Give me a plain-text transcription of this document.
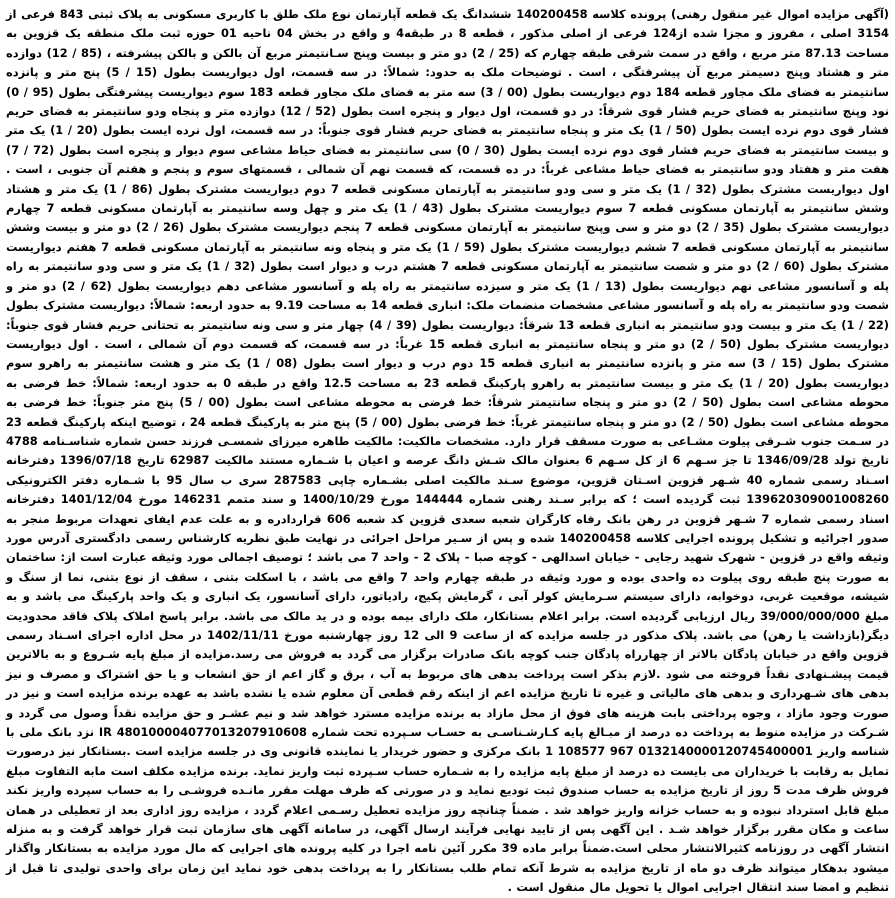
(آگهی مزایده اموال غیر منقول رهنی) پرونده کلاسه 140200458 ششدانگ یک قطعه آپارتمان نوع ملک طلق با کاربری مسکونی به پلاک ثبتی 843 فرعی از 3154 اصلی ، مفروز و مجزا شده از124 فرعی از اصلی مذکور ، قطعه 8 در طبقه4 و واقع در بخش 04 ناحیه 01 حوزه ثبت ملک منطقه یک قزوین به مساحت 87.13 متر مربع ، واقع در سمت شرقی طبقه چهارم که (25 / 2) دو متر و بیست وپنج سـانتیمتر مربع آن بالکن و بالکن پیشرفته ، (85 / 12) دوازده متر و هشتاد وپنج دسیمتر مربع آن پیشرفتگی ، است . توضیحات ملک به حدود: شمالاً: در سه قسمت، اول دیواریست بطول (15 / 5) پنج متر و پانزده سانتیمتر به فضای ملک مجاور قطعه 184 دوم دیواریست بطول (00 / 3) سه متر به فضای ملک مجاور قطعه 183 سوم دیواریست پیشرفتگی بطول (95 / 0) نود وپنج سانتیمتر به فضای حریم فشار قوی شرقاً: در دو قسمت، اول دیوار و پنجره است بطول (52 / 12) دوازده متر و پنجاه ودو سانتیمتر به فضای حریم فشار قوی دوم نرده ایست بطول (50 / 1) یک متر و پنجاه سانتیمتر به فضای حریم فشار قوی جنوباً: در سه قسمت، اول نرده ایست بطول (20 / 1) یک متر و بیست سانتیمتر به فضای حریم فشار قوی دوم نرده ایست بطول (30 / 0) سی سانتیمتر به فضای حیاط مشاعی سوم دیوار و پنجره است بطول (72 / 7) هفت متر و هفتاد ودو سانتیمتر به فضای حیاط مشاعی غرباً: در ده قسمت، که قسمت نهم آن شمالی ، قسمتهای سوم و پنجم و هفتم آن جنوبی ، است . اول دیواریست مشترک بطول (32 / 1) یک متر و سی ودو سانتیمتر به آپارتمان مسکونی قطعه 7 دوم دیواریست مشترک بطول (86 / 1) یک متر و هشتاد وشش سانتیمتر به آپارتمان مسکونی قطعه 7 سوم دیواریست مشترک بطول (43 / 1) یک متر و چهل وسه سانتیمتر به آپارتمان مسکونی قطعه 7 چهارم دیواریست مشترک بطول (35 / 2) دو متر و سی وپنج سانتیمتر به آپارتمان مسکونی قطعه 7 پنجم دیواریست مشترک بطول (26 / 2) دو متر و بیست وشش سانتیمتر به آپارتمان مسکونی قطعه 7 ششم دیواریست مشترک بطول (59 / 1) یک متر و پنجاه ونه سانتیمتر به آپارتمان مسکونی قطعه 7 هفتم دیواریست مشترک بطول (60 / 2) دو متر و شصت سانتیمتر به آپارتمان مسکونی قطعه 7 هشتم درب و دیوار است بطول (32 / 1) یک متر و سی ودو سانتیمتر به راه پله و آسانسور مشاعی نهم دیواریست بطول (13 / 1) یک متر و سیزده سانتیمتر به راه پله و آسانسور مشاعی دهم دیواریست بطول (62 / 2) دو متر و شصت ودو سانتیمتر به راه پله و آسانسور مشاعی مشخصات منضمات ملک: انباری قطعه 14 به مساحت 9.19 به حدود اربعه: شمالاً: دیواریست مشترک بطول (22 / 1) یک متر و بیست ودو سانتیمتر به انباری قطعه 13 شرقاً: دیواریست بطول (39 / 4) چهار متر و سی ونه سانتیمتر به تحتانی حریم فشار قوی جنوباً: دیواریست مشترک بطول (50 / 2) دو متر و پنجاه سانتیمتر به انباری قطعه 15 غرباً: در سه قسمت، که قسمت دوم آن شمالی ، است . اول دیواریست مشترک بطول (15 / 3) سه متر و پانزده سانتیمتر به انباری قطعه 15 دوم درب و دیوار است بطول (08 / 1) یک متر و هشت سانتیمتر به راهرو سوم دیواریست بطول (20 / 1) یک متر و بیست سانتیمتر به راهرو پارکینگ قطعه 23 به مساحت 12.5 واقع در طبقه 0 به حدود اربعه: شمالاً: خط فرضی به محوطه مشاعی است بطول (50 / 2) دو متر و پنجاه سانتیمتر شرقاً: خط فرضی به محوطه مشاعی است بطول (00 / 5) پنج متر جنوباً: خط فرضی به محوطه مشاعی است بطول (50 / 2) دو متر و پنجاه سانتیمتر غرباً: خط فرضی بطول (00 / 5) پنج متر به پارکینگ قطعه 24 ، توضیح اینکه پارکینگ قطعه 23 در سـمت جنوب شـرقی پیلوت مشـاعی به صورت مسقف قرار دارد. مشخصات مالکیت: مالکیت طاهره میرزای شمسـی فرزند حسن شماره شناسـنامه 4788 تاریخ تولد 1346/09/28 تا جز سـهم 6 از کل سـهم 6 بعنوان مالک شـش دانگ عرصه و اعیان با شـماره مستند مالکیت 62987 تاریخ 1396/07/18 دفترخانه اسـناد رسمی شماره 40 شـهر قزوین اسـتان قزوین، موضوع سـند مالکیت اصلی بشـماره چاپی 287583 سری ب سال 95 با شـماره دفتر الکترونیکی 139620309001008260 ثبت گردیده است ؛ که برابر سـند رهنی شماره 144444 مورخ 1400/10/29 و سند متمم 146231 مورخ 1401/12/04 دفترخانه اسناد رسمی شماره 7 شـهر قزوین در رهن بانک رفاه کارگران شعبه سعدی قزوین کد شعبه 606 قراردادره و به علت عدم ایفای تعهدات مربوط منجر به صدور اجرائیه و تشکیل پرونده اجرایی کلاسه 140200458 شده و پس از سـیر مراحل اجرائی در نهایت طبق نظریه کارشناس رسمی دادگستری آدرس مورد وثیقه واقع در قزوین - شهرک شهید رجایی - خیابان اسدالهی - کوچه صبا - پلاک 2 - واحد 7 می باشد ؛ توصیف اجمالی مورد وثیقه عبارت است از: ساختمان به صورت پنج طبقه روی پیلوت ده واحدی بوده و مورد وثیقه در طبقه چهارم واحد 7 واقع می باشد ، با اسکلت بتنی ، سقف از نوع بتنی، نما از سنگ و شیشه، موقعیت غربی، دوخوابه، دارای سیستم سـرمایش کولر آبی ، گرمایش پکیج، رادیاتور، دارای آسانسور، یک انباری و یک واحد پارکینگ می باشد و به مبلغ 39/000/000/000 ریال ارزیابی گردیده است. برابر اعلام بستانکار، ملک دارای بیمه بوده و در ید مالک می باشد. برابر پاسخ املاک پلاک فاقد محدودیت دیگر(بازداشت یا رهن) می باشد. پلاک مذکور در جلسه مزایده که از ساعت 9 الی 12 روز چهارشنبه مورخ 1402/11/11 در محل اداره اجرای اسـناد رسمی قزوین واقع در خیابان پادگان بالاتر از چهارراه پادگان جنب کوچه بانک صادرات برگزار می گردد به فروش می رسد.مزایده از مبلغ پایه شـروع و به بالاترین قیمت پیشـنهادی نقداً فروخته می شود .لازم بذکر است پرداخت بدهی های مربوط به آب ، برق و گاز اعم از حق انشعاب و یا حق اشتراک و مصرف و نیز بدهی های شـهرداری و بدهی های مالیاتی و غیره تا تاریخ مزایده اعم از اینکه رقم قطعی آن معلوم شده یا نشده باشد به عهده برنده مزایده است و نیز در صورت وجود مازاد ، وجوه پرداختی بابت هزینه های فوق از محل مازاد به برنده مزایده مسترد خواهد شد و نیم عشـر و حق مزایده نقداً وصول می گردد و شـرکت در مزایده منوط به پرداخت ده درصد از مبـالغ پایه کـارشـناسـی به حسـاب سـپرده تحت شماره IR 480100004077013207910608 نزد بانک ملی با شناسه واریز 0132140000120745400001 967 108577 1 بانک مرکزی و حضور خریدار یا نماینده قانونی وی در جلسه مزایده است .بستانکار نیز درصورت تمایل به رقابت با خریداران می بایست ده درصد از مبلغ پایه مزایده را به شـماره حساب سـپرده ثبت واریز نماید. برنده مزایده مکلف است مابه التفاوت مبلغ فروش ظرف مدت 5 روز از تاریخ مزایده به حساب صندوق ثبت تودیع نماید و در صورتی که ظرف مهلت مقرر مانـده فروشـی را به حساب سپرده واریز نکند مبلغ قابل استرداد نبوده و به حساب خزانه واریز خواهد شد . ضمناً چنانچه روز مزایده تعطیل رسـمی اعلام گردد ، مزایده روز اداری بعد از تعطیلی در همان ساعت و مکان مقرر برگزار خواهد شـد . این آگهی پس از تایید نهایی فرآیند ارسال آگهی، در سامانه آگهی های سازمان ثبت قرار خواهد گرفت و به منزله انتشار آگهی در روزنامه کثیرالانتشار محلی است.ضمناً برابر ماده 39 مکرر آئین نامه اجرا در کلیه پرونده های اجرایی که مال مورد مزایده به بستانکار واگذار میشود بدهکار میتواند ظرف دو ماه از تاریخ مزایده به شرط آنکه تمام طلب بستانکار را به پرداخت بدهی خود نماید این زمان برای واحدی تولیدی تا قبل از تنظیم و امضا سند انتقال اجرایی اموال یا تحویل مال منقول است .
